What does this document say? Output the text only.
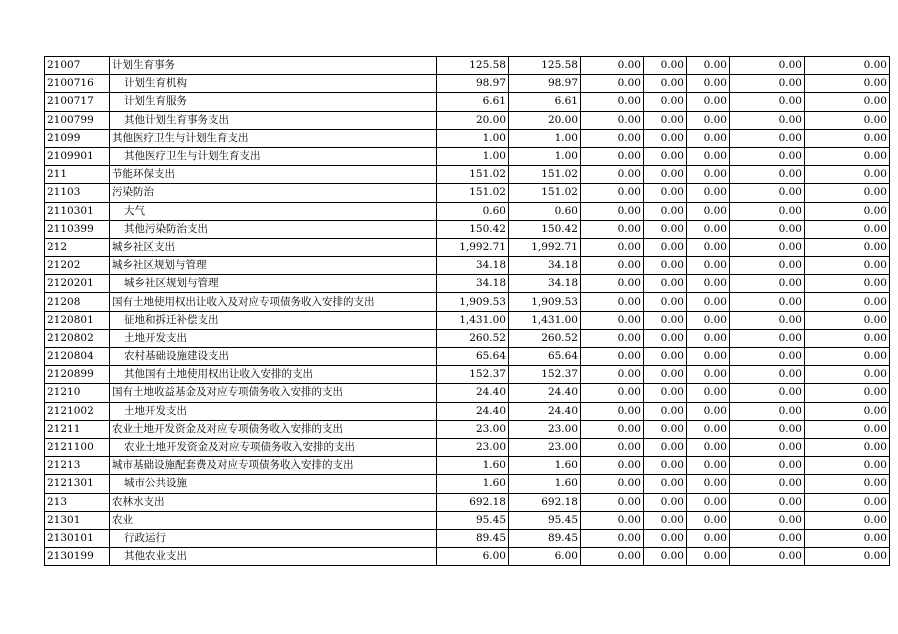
21007	计划生育事务	125.58	125.58	0.00	0.00	0.00	0.00	0.00
2100716	计划生育机构	98.97	98.97	0.00	0.00	0.00	0.00	0.00
2100717	计划生育服务	6.61	6.61	0.00	0.00	0.00	0.00	0.00
2100799	其他计划生育事务支出	20.00	20.00	0.00	0.00	0.00	0.00	0.00
21099	其他医疗卫生与计划生育支出	1.00	1.00	0.00	0.00	0.00	0.00	0.00
2109901	其他医疗卫生与计划生育支出	1.00	1.00	0.00	0.00	0.00	0.00	0.00
211	节能环保支出	151.02	151.02	0.00	0.00	0.00	0.00	0.00
21103	污染防治	151.02	151.02	0.00	0.00	0.00	0.00	0.00
2110301	大气	0.60	0.60	0.00	0.00	0.00	0.00	0.00
2110399	其他污染防治支出	150.42	150.42	0.00	0.00	0.00	0.00	0.00
212	城乡社区支出	1,992.71	1,992.71	0.00	0.00	0.00	0.00	0.00
21202	城乡社区规划与管理	34.18	34.18	0.00	0.00	0.00	0.00	0.00
2120201	城乡社区规划与管理	34.18	34.18	0.00	0.00	0.00	0.00	0.00
21208	国有土地使用权出让收入及对应专项债务收入安排的支出	1,909.53	1,909.53	0.00	0.00	0.00	0.00	0.00
2120801	征地和拆迁补偿支出	1,431.00	1,431.00	0.00	0.00	0.00	0.00	0.00
2120802	土地开发支出	260.52	260.52	0.00	0.00	0.00	0.00	0.00
2120804	农村基础设施建设支出	65.64	65.64	0.00	0.00	0.00	0.00	0.00
2120899	其他国有土地使用权出让收入安排的支出	152.37	152.37	0.00	0.00	0.00	0.00	0.00
21210	国有土地收益基金及对应专项债务收入安排的支出	24.40	24.40	0.00	0.00	0.00	0.00	0.00
2121002	土地开发支出	24.40	24.40	0.00	0.00	0.00	0.00	0.00
21211	农业土地开发资金及对应专项债务收入安排的支出	23.00	23.00	0.00	0.00	0.00	0.00	0.00
2121100	农业土地开发资金及对应专项债务收入安排的支出	23.00	23.00	0.00	0.00	0.00	0.00	0.00
21213	城市基础设施配套费及对应专项债务收入安排的支出	1.60	1.60	0.00	0.00	0.00	0.00	0.00
2121301	城市公共设施	1.60	1.60	0.00	0.00	0.00	0.00	0.00
213	农林水支出	692.18	692.18	0.00	0.00	0.00	0.00	0.00
21301	农业	95.45	95.45	0.00	0.00	0.00	0.00	0.00
2130101	行政运行	89.45	89.45	0.00	0.00	0.00	0.00	0.00
2130199	其他农业支出	6.00	6.00	0.00	0.00	0.00	0.00	0.00
